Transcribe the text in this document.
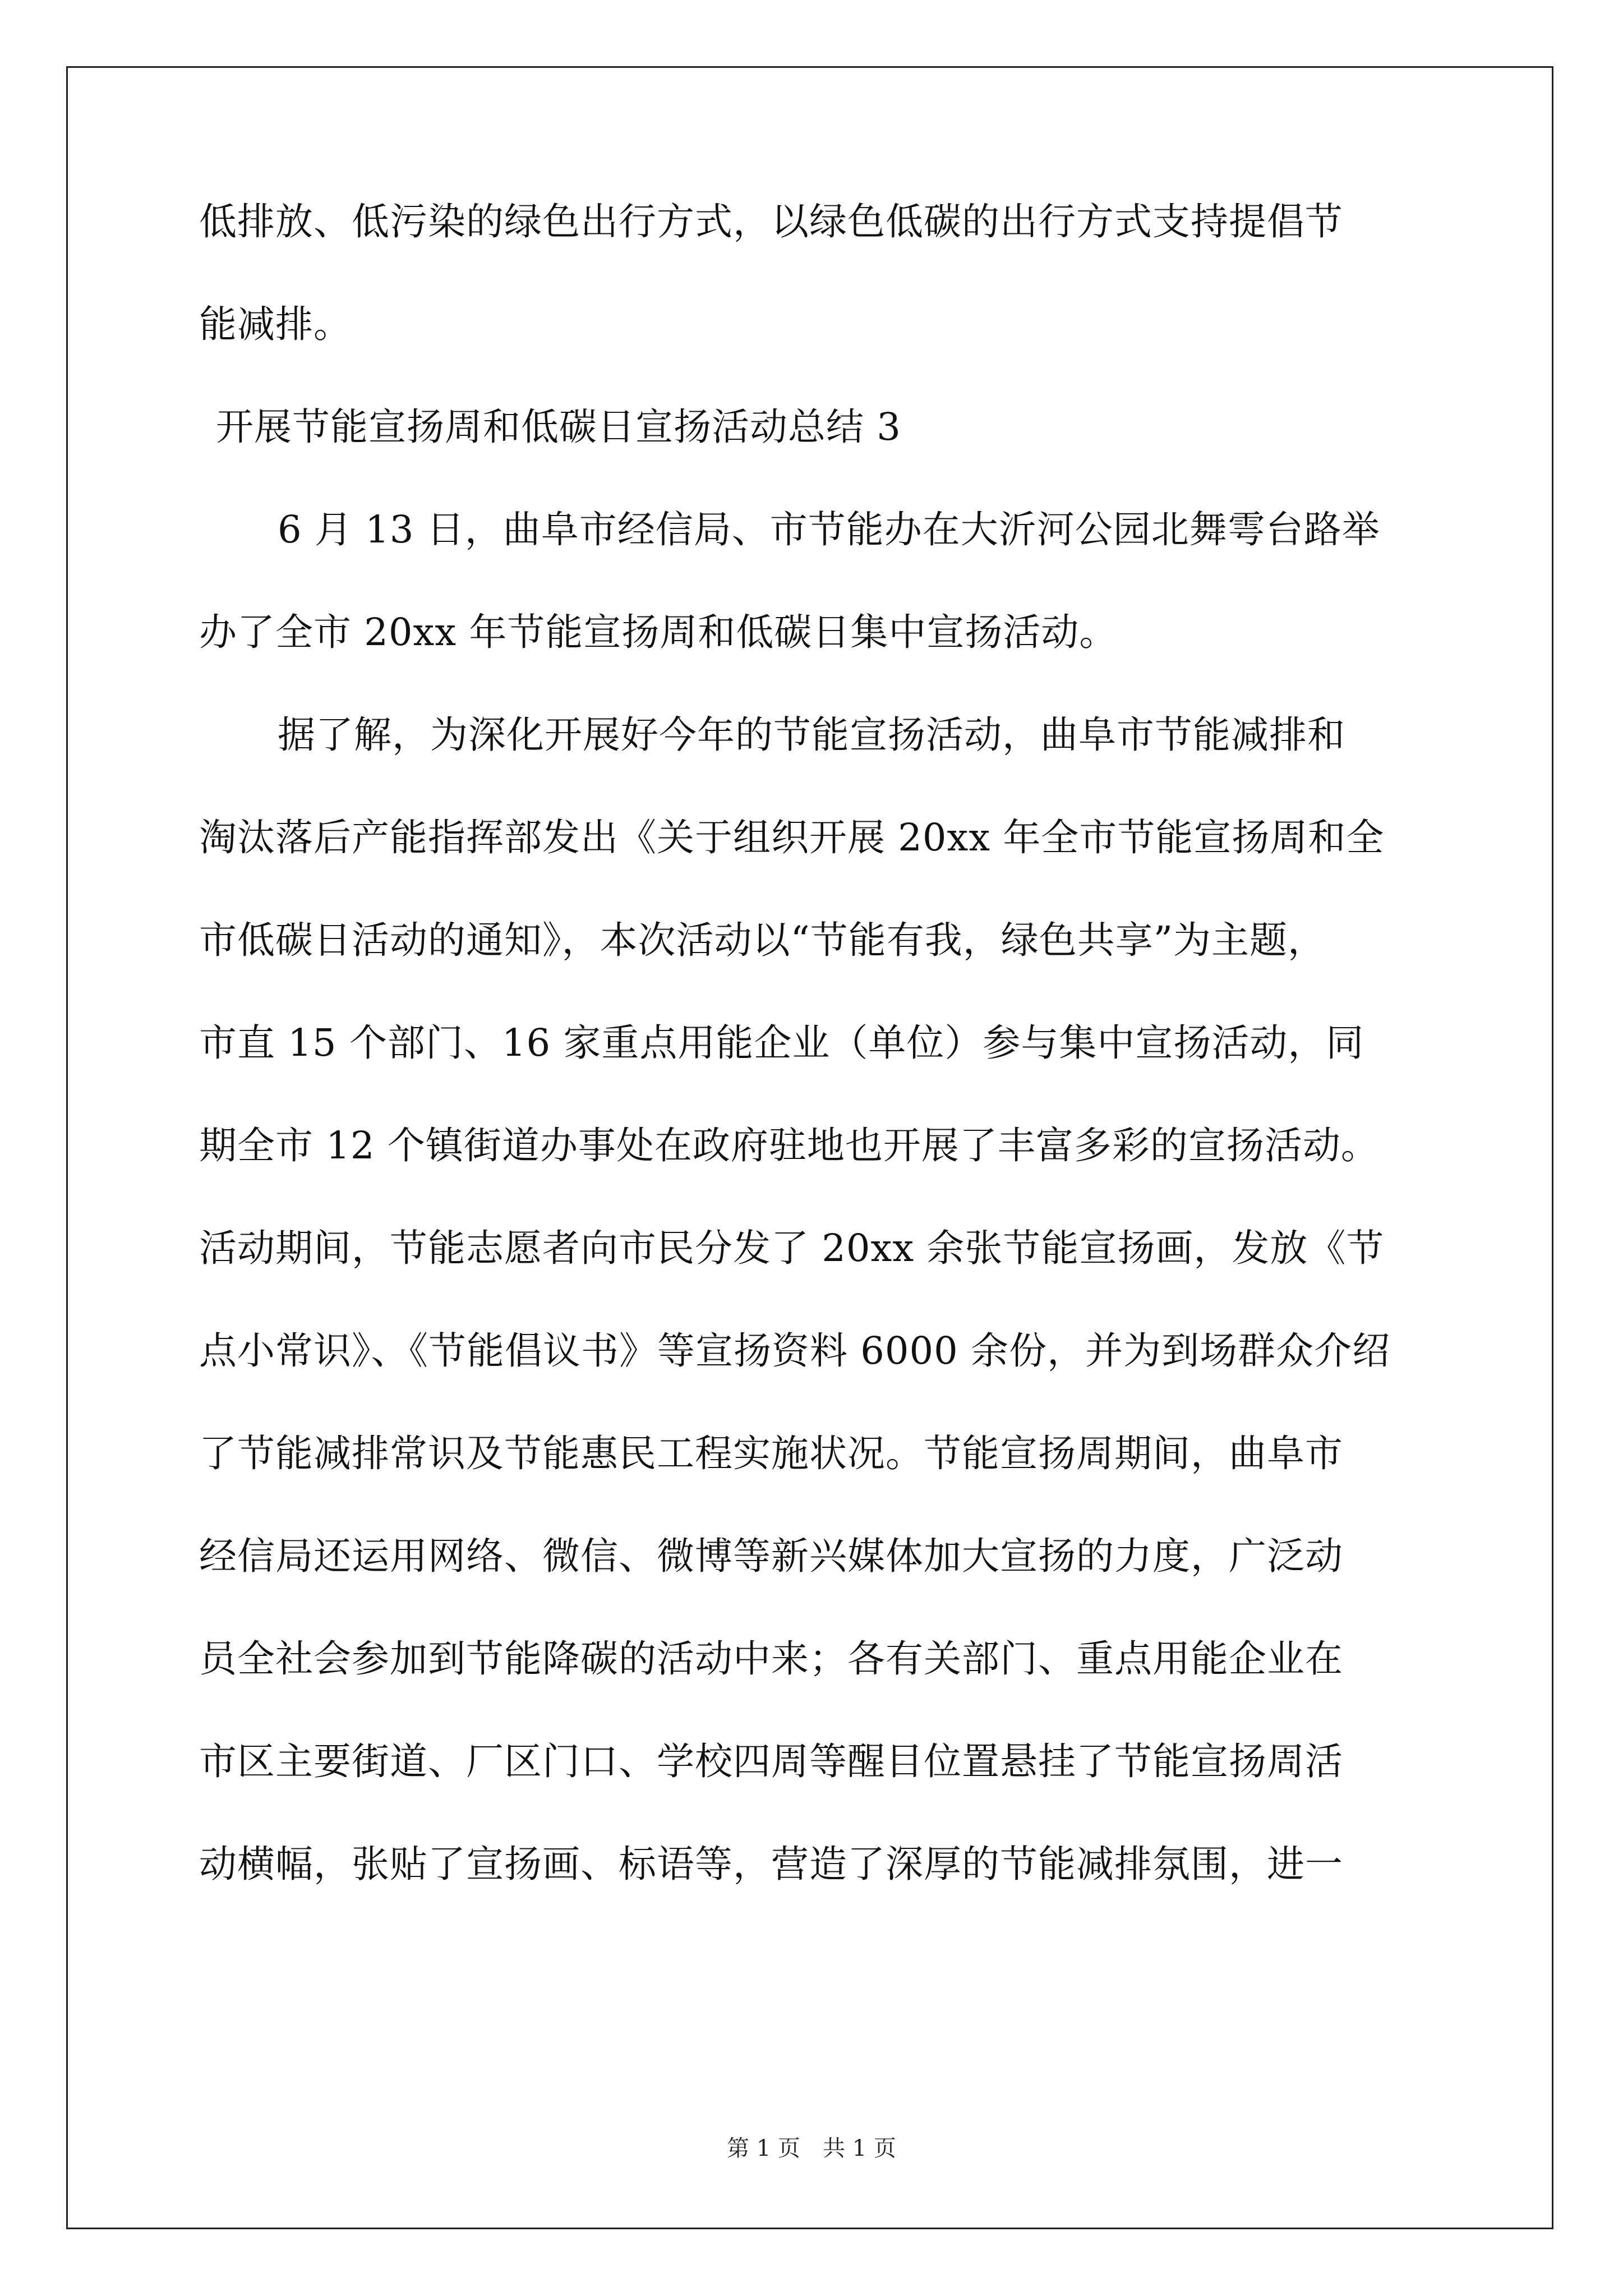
低排放、低污染的绿色出行方式，以绿色低碳的出行方式支持提倡节
能减排。
开展节能宣扬周和低碳日宣扬活动总结 3
6 月 13 日，曲阜市经信局、市节能办在大沂河公园北舞雩台路举
办了全市 20xx 年节能宣扬周和低碳日集中宣扬活动。
据了解，为深化开展好今年的节能宣扬活动，曲阜市节能减排和
淘汰落后产能指挥部发出《关于组织开展 20xx 年全市节能宣扬周和全
市低碳日活动的通知》，本次活动以“节能有我，绿色共享”为主题，
市直 15 个部门、16 家重点用能企业（单位）参与集中宣扬活动，同
期全市 12 个镇街道办事处在政府驻地也开展了丰富多彩的宣扬活动。
活动期间，节能志愿者向市民分发了 20xx 余张节能宣扬画，发放《节
点小常识》、《节能倡议书》等宣扬资料 6000 余份，并为到场群众介绍
了节能减排常识及节能惠民工程实施状况。节能宣扬周期间，曲阜市
经信局还运用网络、微信、微博等新兴媒体加大宣扬的力度，广泛动
员全社会参加到节能降碳的活动中来；各有关部门、重点用能企业在
市区主要街道、厂区门口、学校四周等醒目位置悬挂了节能宣扬周活
动横幅，张贴了宣扬画、标语等，营造了深厚的节能减排氛围，进一
第 1 页　共 1 页
